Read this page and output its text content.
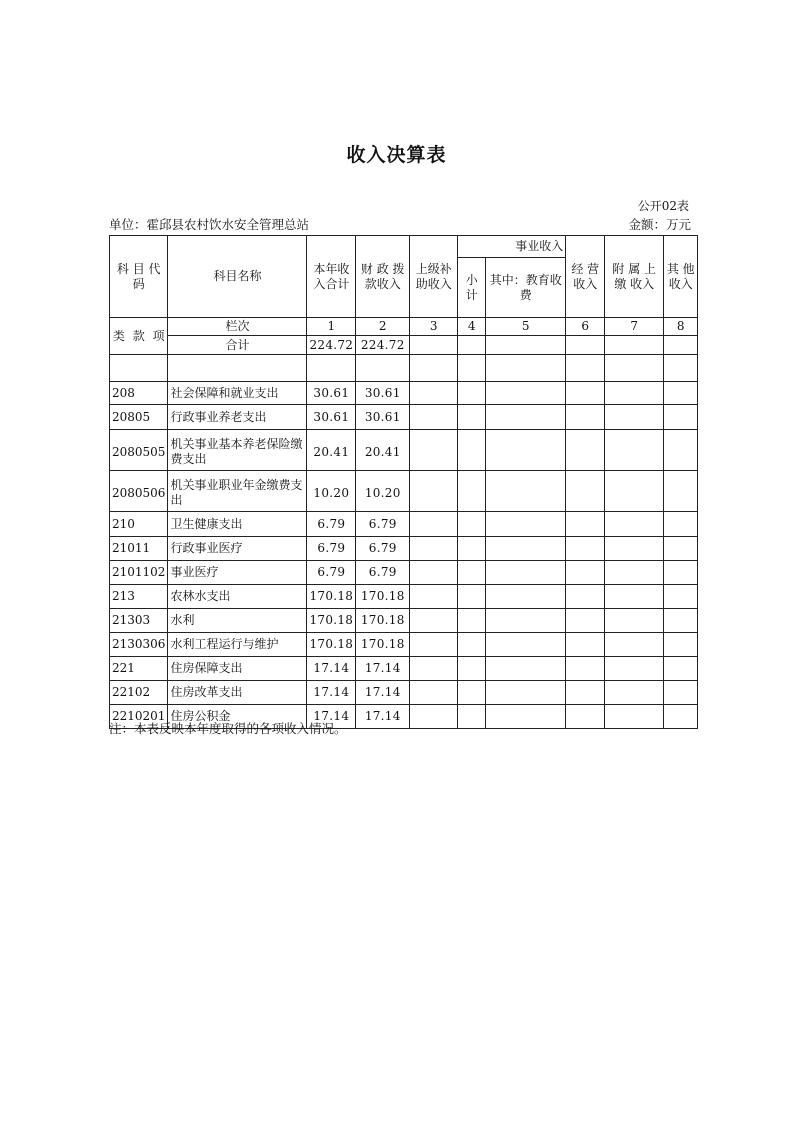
收入决算表
公开02表
单位：霍邱县农村饮水安全管理总站	金额：万元
科 目 代码	科目名称	本年收入合计	财 政 拨款收入	上级补助收入	事业收入		经 营收入	附 属 上缴 收入	其 他收入
					小计	其中：教育收 费			

类 款 项	栏次	1	2	3	4	5	6	7	8
	合计	224.72	224.72						

208	社会保障和就业支出	30.61	30.61						
20805	行政事业养老支出	30.61	30.61						
2080505	机关事业基本养老保险缴费支出	20.41	20.41						
2080506	机关事业职业年金缴费支出	10.20	10.20						
210	卫生健康支出	6.79	6.79						
21011	行政事业医疗	6.79	6.79						
2101102	事业医疗	6.79	6.79						
213	农林水支出	170.18	170.18						
21303	水利	170.18	170.18						
2130306	水利工程运行与维护	170.18	170.18						
221	住房保障支出	17.14	17.14						
22102	住房改革支出	17.14	17.14						
2210201	住房公积金	17.14	17.14						
注：本表反映本年度取得的各项收入情况。
